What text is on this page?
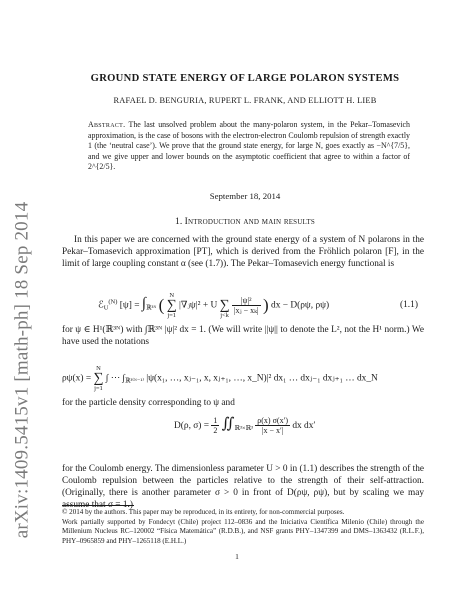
arXiv:1409.5415v1 [math-ph] 18 Sep 2014
GROUND STATE ENERGY OF LARGE POLARON SYSTEMS
RAFAEL D. BENGURIA, RUPERT L. FRANK, AND ELLIOTT H. LIEB
Abstract. The last unsolved problem about the many-polaron system, in the Pekar–Tomasevich approximation, is the case of bosons with the electron-electron Coulomb repulsion of strength exactly 1 (the ‘neutral case’). We prove that the ground state energy, for large N, goes exactly as −N^{7/5}, and we give upper and lower bounds on the asymptotic coefficient that agree to within a factor of 2^{2/5}.
September 18, 2014
1. Introduction and main results
In this paper we are concerned with the ground state energy of a system of N polarons in the Pekar–Tomasevich approximation [PT], which is derived from the Fröhlich polaron [F], in the limit of large coupling constant α (see (1.7)). The Pekar–Tomasevich energy functional is
ℰ$_U^{(N)}$ $[\psi] = \int_{ℝ^3ᴺ}$ ( N
∑
j=1 |∇ⱼψ|² + U ∑
j<k
$\frac{\text{|ψ|²}}{\text{|xⱼ − xₖ|}}$ ) dx − D(ρψ, ρψ)	(1.1)
for ψ ∈ H¹(ℝ³ᴺ) with ∫ℝ³ᴺ |ψ|² dx = 1. (We will write ||ψ|| to denote the L², not the H¹ norm.) We have used the notations
ρψ(x) = N
∑
j=1 ∫ ⋯ $\int_{ℝ^{3(}ᴺ^{-1)}}$ |ψ(x₁, …, xⱼ₋₁, x, xⱼ₊₁, …, x_N)|² dx₁ … dxⱼ₋₁ dxⱼ₊₁ … dx_N
for the particle density corresponding to ψ and
D(ρ, $\sigma) = \frac{1}{2}$ $∬_{ℝ^3\times ℝ^3} \frac{\rho(x) \sigma(x')}{|x - x'|}$ dx dx′
for the Coulomb energy. The dimensionless parameter U > 0 in (1.1) describes the strength of the Coulomb repulsion between the particles relative to the strength of their self-attraction. (Originally, there is another parameter σ > 0 in front of D(ρψ, ρψ), but by scaling we may assume that σ = 1.)
© 2014 by the authors. This paper may be reproduced, in its entirety, for non-commercial purposes.
Work partially supported by Fondecyt (Chile) project 112–0836 and the Iniciativa Científica Milenio (Chile) through the Millenium Nucleus RC–120002 “Física Matemática” (R.D.B.), and NSF grants PHY–1347399 and DMS–1363432 (R.L.F.), PHY–0965859 and PHY–1265118 (E.H.L.)
1
